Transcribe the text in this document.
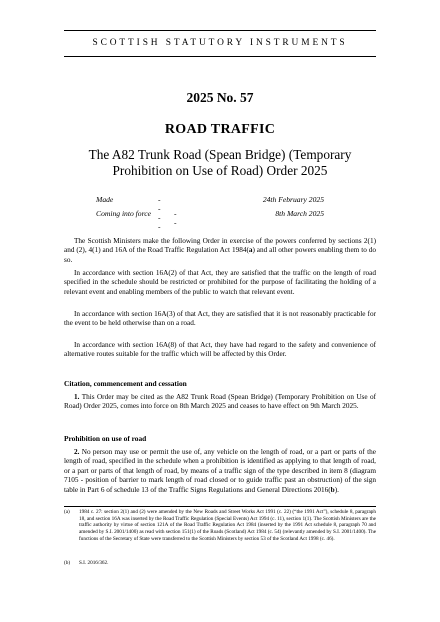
SCOTTISH STATUTORY INSTRUMENTS
2025 No. 57
ROAD TRAFFIC
The A82 Trunk Road (Spean Bridge) (Temporary Prohibition on Use of Road) Order 2025
Made	- - - -
24th February 2025
Coming into force	- -
8th March 2025
The Scottish Ministers make the following Order in exercise of the powers conferred by sections 2(1) and (2), 4(1) and 16A of the Road Traffic Regulation Act 1984(a) and all other powers enabling them to do so.
In accordance with section 16A(2) of that Act, they are satisfied that the traffic on the length of road specified in the schedule should be restricted or prohibited for the purpose of facilitating the holding of a relevant event and enabling members of the public to watch that relevant event.
In accordance with section 16A(3) of that Act, they are satisfied that it is not reasonably practicable for the event to be held otherwise than on a road.
In accordance with section 16A(8) of that Act, they have had regard to the safety and convenience of alternative routes suitable for the traffic which will be affected by this Order.
Citation, commencement and cessation
1. This Order may be cited as the A82 Trunk Road (Spean Bridge) (Temporary Prohibition on Use of Road) Order 2025, comes into force on 8th March 2025 and ceases to have effect on 9th March 2025.
Prohibition on use of road
2. No person may use or permit the use of, any vehicle on the length of road, or a part or parts of the length of road, specified in the schedule when a prohibition is identified as applying to that length of road, or a part or parts of that length of road, by means of a traffic sign of the type described in item 8 (diagram 7105 - position of barrier to mark length of road closed or to guide traffic past an obstruction) of the sign table in Part 6 of schedule 13 of the Traffic Signs Regulations and General Directions 2016(b).
(a) 1984 c. 27: section 2(1) and (2) were amended by the New Roads and Street Works Act 1991 (c. 22) (“the 1991 Act”), schedule 8, paragraph 18, and section 16A was inserted by the Road Traffic Regulation (Special Events) Act 1994 (c. 11), section 1(1). The Scottish Ministers are the traffic authority by virtue of section 121A of the Road Traffic Regulation Act 1984 (inserted by the 1991 Act schedule 8, paragraph 70 and amended by S.I. 2001/1400) as read with section 151(1) of the Roads (Scotland) Act 1984 (c. 54) (relevantly amended by S.I. 2001/1400). The functions of the Secretary of State were transferred to the Scottish Ministers by section 53 of the Scotland Act 1998 (c. 46).
(b) S.I. 2016/362.
